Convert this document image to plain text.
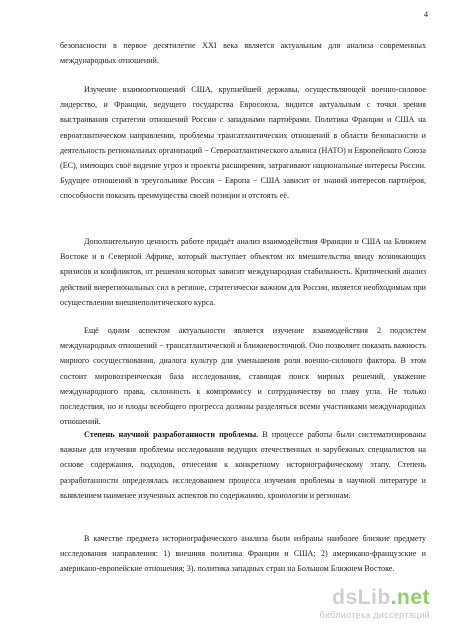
4

безопасности в первое десятилетие XXI века является актуальным для анализа современных международных отношений.

Изучение взаимоотношений США, крупнейшей державы, осуществляющей военно-силовое лидерство, и Франции, ведущего государства Евросоюза, видится актуальным с точки зрения выстраивания стратегии отношений России с западными партнёрами. Политика Франции и США на евроатлантическом направлении, проблемы трансатлантических отношений в области безопасности и деятельность региональных организаций − Североатлантического альянса (НАТО) и Европейского Союза (ЕС), имеющих своё видение угроз и проекты расширения, затрагивают национальные интересы России. Будущее отношений в треугольнике Россия − Европа − США зависит от знаний интересов партнёров, способности показать преимущества своей позиции и отстоять её.

Дополнительную ценность работе придаёт анализ взаимодействия Франции и США на Ближнем Востоке и в Северной Африке, который выступает объектом их вмешательства ввиду возникающих кризисов и конфликтов, от решения которых зависит международная стабильность. Критический анализ действий внерегиональных сил в регионе, стратегически важном для России, является необходимым при осуществлении внешнеполитического курса.

Ещё одним аспектом актуальности является изучение взаимодействия 2 подсистем международных отношений − трансатлантической и ближневосточной. Оно позволяет показать важность мирного сосуществования, диалога культур для уменьшения роли военно-силового фактора. В этом состоит мировоззренческая база исследования, ставящая поиск мирных решений, уважение международного права, склонность к компромиссу и сотрудничеству во главу угла. Не только последствия, но и плоды всеобщего прогресса должны разделяться всеми участниками международных отношений.

Степень научной разработанности проблемы. В процессе работы были систематизированы важные для изучения проблемы исследования ведущих отечественных и зарубежных специалистов на основе содержания, подходов, отнесения к конкретному историографическому этапу. Степень разработанности определялась исследованием процесса изучения проблемы в научной литературе и выявлением наименее изученных аспектов по содержанию, хронологии и регионам.

В качестве предмета историографического анализа были избраны наиболее близкие предмету исследования направления: 1) внешняя политика Франции и США; 2) американо-французские и американо-европейские отношения; 3). политика западных стран на Большом Ближнем Востоке.

dsLib.net
библиотека диссертаций
